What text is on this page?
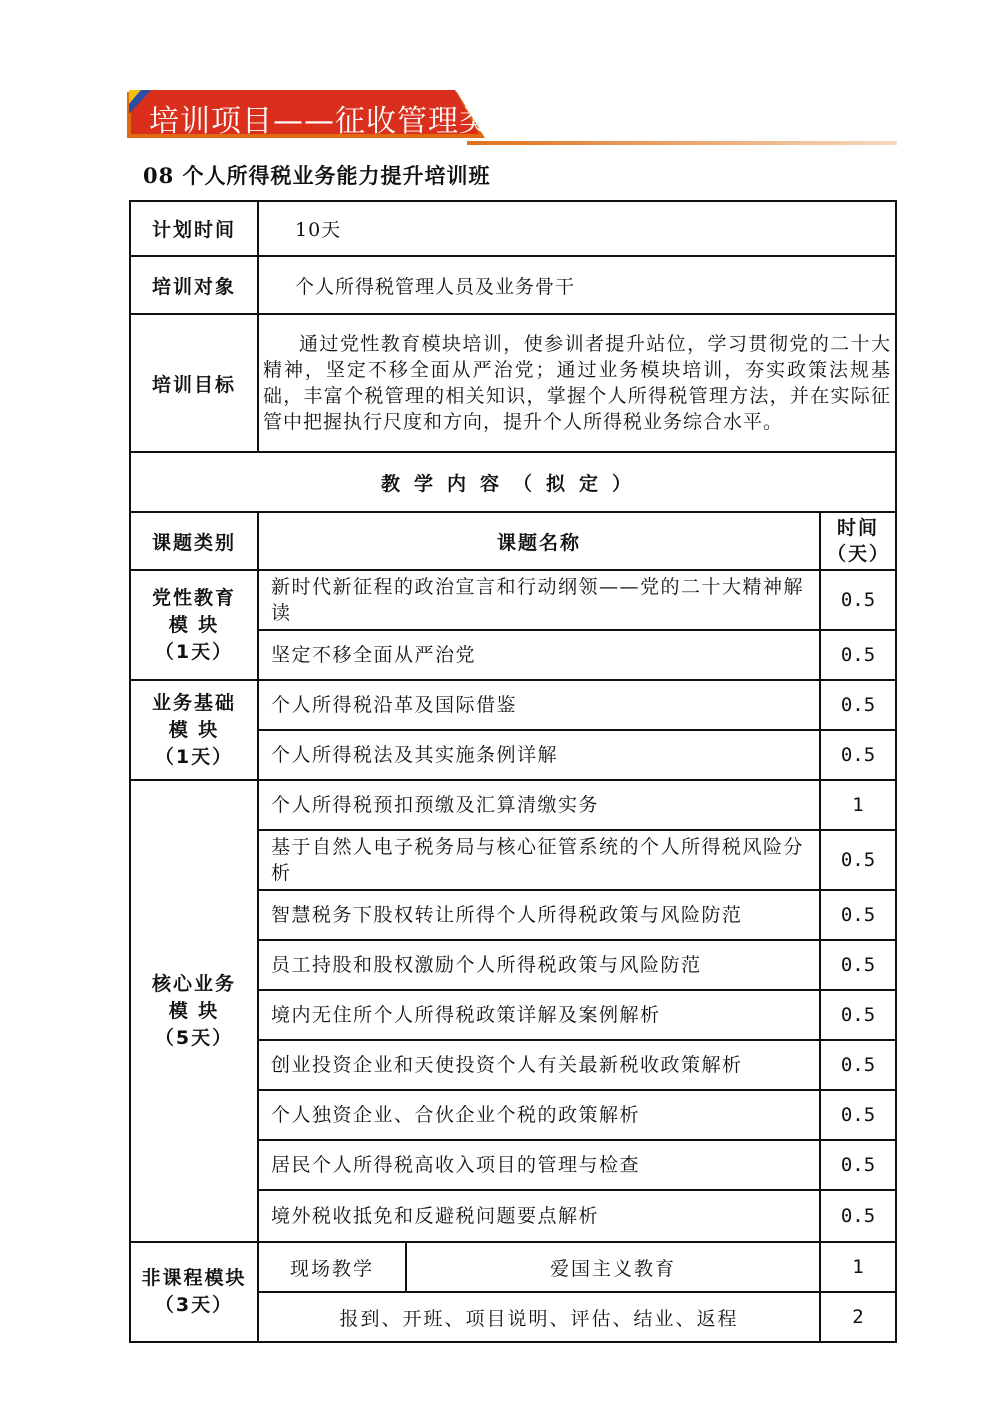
培训项目——征收管理类
08 个人所得税业务能力提升培训班
计划时间	10天		
培训对象	个人所得税管理人员及业务骨干		
培训目标	通过党性教育模块培训，使参训者提升站位，学习贯彻党的二十大精神，坚定不移全面从严治党；通过业务模块培训，夯实政策法规基础，丰富个税管理的相关知识，掌握个人所得税管理方法，并在实际征管中把握执行尺度和方向，提升个人所得税业务综合水平。		
教学内容（拟定）			
课题类别	课题名称		时间（天）

党性教育
模 块
（1天）	新时代新征程的政治宣言和行动纲领——党的二十大精神解读		0.5
	坚定不移全面从严治党		0.5

业务基础
模 块
（1天）	个人所得税沿革及国际借鉴		0.5
	个人所得税法及其实施条例详解		0.5

核心业务
模 块
（5天）	个人所得税预扣预缴及汇算清缴实务		1
	基于自然人电子税务局与核心征管系统的个人所得税风险分析		0.5
	智慧税务下股权转让所得个人所得税政策与风险防范		0.5
	员工持股和股权激励个人所得税政策与风险防范		0.5
	境内无住所个人所得税政策详解及案例解析		0.5
	创业投资企业和天使投资个人有关最新税收政策解析		0.5
	个人独资企业、合伙企业个税的政策解析		0.5
	居民个人所得税高收入项目的管理与检查		0.5
	境外税收抵免和反避税问题要点解析		0.5

非课程模块
（3天）	现场教学	爱国主义教育	1
	报到、开班、项目说明、评估、结业、返程		2
